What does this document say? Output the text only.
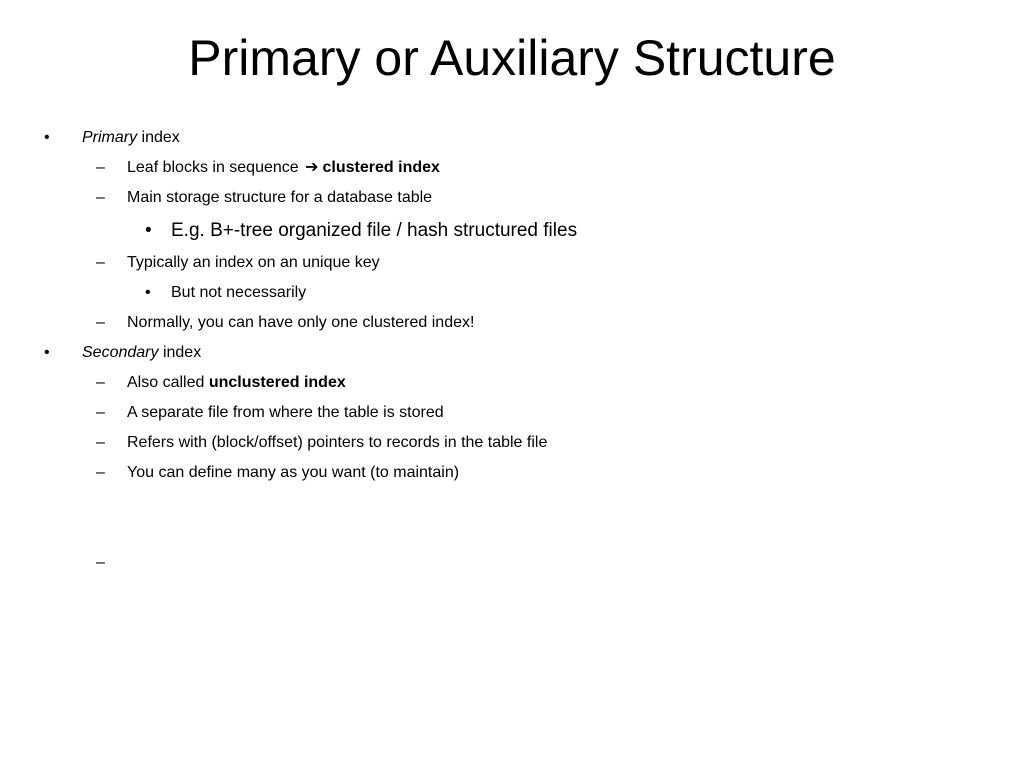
Primary or Auxiliary Structure
• Primary index
– Leaf blocks in sequence ➔ clustered index
– Main storage structure for a database table
• E.g. B+-tree organized file / hash structured files
– Typically an index on an unique key
• But not necessarily
– Normally, you can have only one clustered index!
• Secondary index
– Also called unclustered index
– A separate file from where the table is stored
– Refers with (block/offset) pointers to records in the table file
– You can define many as you want (to maintain)
–
